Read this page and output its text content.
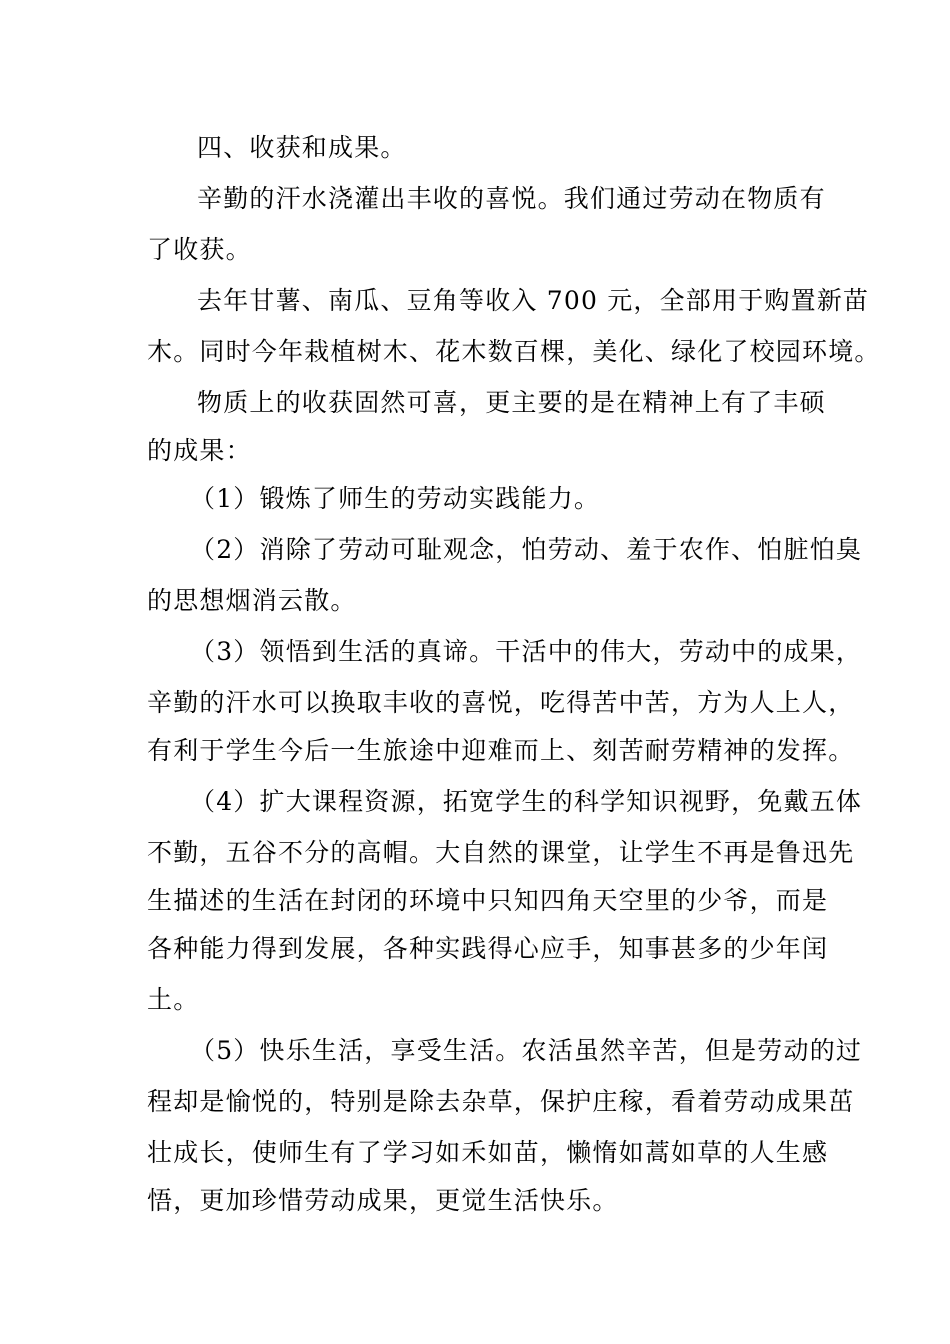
四、收获和成果。
辛勤的汗水浇灌出丰收的喜悦。我们通过劳动在物质有
了收获。
去年甘薯、南瓜、豆角等收入 700 元，全部用于购置新苗
木。同时今年栽植树木、花木数百棵，美化、绿化了校园环境。
物质上的收获固然可喜，更主要的是在精神上有了丰硕
的成果：
（1）锻炼了师生的劳动实践能力。
（2）消除了劳动可耻观念，怕劳动、羞于农作、怕脏怕臭
的思想烟消云散。
（3）领悟到生活的真谛。干活中的伟大，劳动中的成果，
辛勤的汗水可以换取丰收的喜悦，吃得苦中苦，方为人上人，
有利于学生今后一生旅途中迎难而上、刻苦耐劳精神的发挥。
（4）扩大课程资源，拓宽学生的科学知识视野，免戴五体
不勤，五谷不分的高帽。大自然的课堂，让学生不再是鲁迅先
生描述的生活在封闭的环境中只知四角天空里的少爷，而是
各种能力得到发展，各种实践得心应手，知事甚多的少年闰
土。
（5）快乐生活，享受生活。农活虽然辛苦，但是劳动的过
程却是愉悦的，特别是除去杂草，保护庄稼，看着劳动成果茁
壮成长，使师生有了学习如禾如苗，懒惰如蒿如草的人生感
悟，更加珍惜劳动成果，更觉生活快乐。
